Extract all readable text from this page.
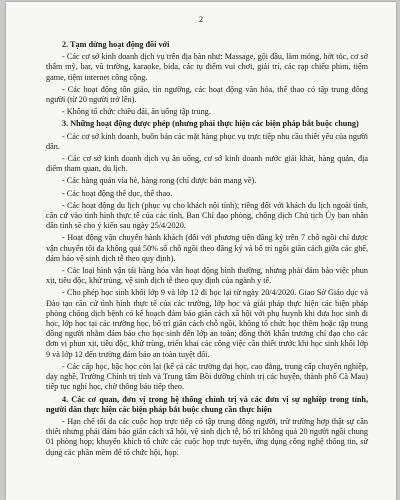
2

2. Tạm dừng hoạt động đối với

- Các cơ sở kinh doanh dịch vụ trên địa bàn như: Massage, gội đầu, làm móng, hớt tóc, cơ sở thẩm mỹ, bar, vũ trường, karaoke, bida, các tụ điểm vui chơi, giải trí, các rạp chiếu phim, tiệm game, tiệm internet công cộng.

- Các hoạt động tôn giáo, tín ngưỡng, các hoạt động văn hóa, thể thao có tập trung đông người (từ 20 người trở lên).

- Không tổ chức chiêu đãi, ăn uống tập trung.

3. Những hoạt động được phép (nhưng phải thực hiện các biện pháp bắt buộc chung)

- Các cơ sở kinh doanh, buôn bán các mặt hàng phục vụ trực tiếp nhu cầu thiết yếu của người dân.

- Các cơ sở kinh doanh dịch vụ ăn uống, cơ sở kinh doanh nước giải khát, hàng quán, địa điểm tham quan, du lịch.

- Các hàng quán vỉa hè, hàng rong (chỉ được bán mang về).

- Các hoạt động thể dục, thể thao.

- Các hoạt động du lịch (phục vụ cho khách nội tỉnh); riêng đối với khách du lịch ngoài tỉnh, căn cứ vào tình hình thực tế của các tỉnh, Ban Chỉ đạo phòng, chống dịch Chủ tịch Ủy ban nhân dân tỉnh sẽ cho ý kiến sau ngày 25/4/2020.

- Hoạt động vận chuyển hành khách (đối với phương tiện đăng ký trên 7 chỗ ngồi chỉ được vận chuyển tối đa không quá 50% số chỗ ngồi theo đăng ký và bố trí ngồi giãn cách giữa các ghế, đảm bảo vệ sinh dịch tễ theo quy định).

- Các loại hình vận tải hàng hóa vẫn hoạt động bình thường, nhưng phải đảm bảo việc phun xịt, tiêu độc, khử trùng, vệ sinh dịch tễ theo quy định của ngành y tế.

- Cho phép học sinh khối lớp 9 và lớp 12 đi học lại từ ngày 20/4/2020. Giao Sở Giáo dục và Đào tạo căn cứ tình hình thực tế của các trường, lớp học và giải pháp thực hiện các biện pháp phòng chống dịch bệnh có kế hoạch đảm bảo giãn cách xã hội với phụ huynh khi đưa học sinh đi học, lớp học tại các trường học, bố trí giãn cách chỗ ngồi, không tổ chức học thêm hoặc tập trung đông người nhằm đảm bảo cho học sinh đến lớp an toàn; đồng thời khẩn trương chỉ đạo cho các đơn vị phun xịt, tiêu độc, khử trùng, triển khai các công việc cần thiết trước khi học sinh khối lớp 9 và lớp 12 đến trường đảm bảo an toàn tuyệt đối.

- Các cấp học, bậc học còn lại (kể cả các trường đại học, cao đẳng, trung cấp chuyên nghiệp, dạy nghề, Trường Chính trị tỉnh và Trung tâm Bồi dưỡng chính trị các huyện, thành phố Cà Mau) tiếp tục nghỉ học, chờ thông báo tiếp theo.

4. Các cơ quan, đơn vị trong hệ thống chính trị và các đơn vị sự nghiệp trong tỉnh, người dân thực hiện các biện pháp bắt buộc chung cần thực hiện

- Hạn chế tối đa các cuộc họp trực tiếp có tập trung đông người, trừ trường hợp thật sự cần thiết nhưng phải đảm bảo giãn cách xã hội, vệ sinh dịch tễ, bố trí không quá 20 người ngồi chung 01 phòng họp; khuyến khích tổ chức các cuộc họp trực tuyến, ứng dụng công nghệ thông tin, sử dụng các phần mềm để tổ chức hội, họp.
